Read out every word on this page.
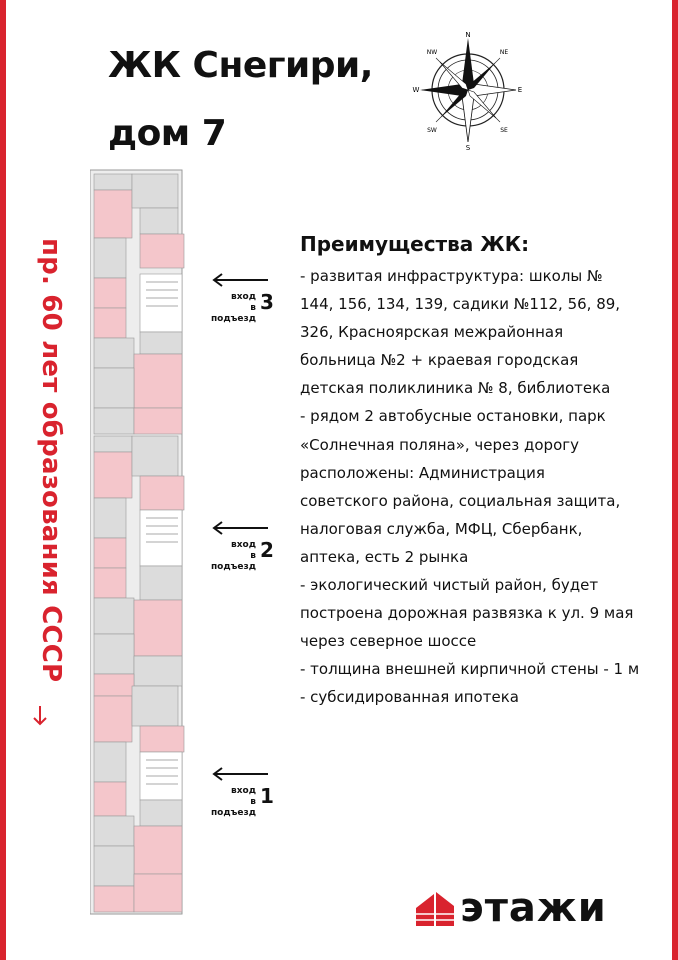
ЖК Снегири,
дом 7
N
S
E
W
NE
NW
SE
SW
пр. 60 лет образования СССР	вход
в подъезд
3
вход
в подъезд
2
вход
в подъезд
1
Преимущества ЖК:
- развитая инфраструктура: школы №
144, 156, 134, 139, садики №112, 56, 89,
326, Красноярская межрайонная
больница №2 + краевая городская
детская поликлиника № 8, библиотека
- рядом 2 автобусные остановки, парк
«Солнечная поляна», через дорогу
расположены: Администрация
советского района, социальная защита,
налоговая служба, МФЦ, Сбербанк,
аптека, есть 2 рынка
- экологический чистый район, будет
построена дорожная развязка к ул. 9 мая
через северное шоссе
- толщина внешней кирпичной стены - 1 м
- субсидированная ипотека
этажи
